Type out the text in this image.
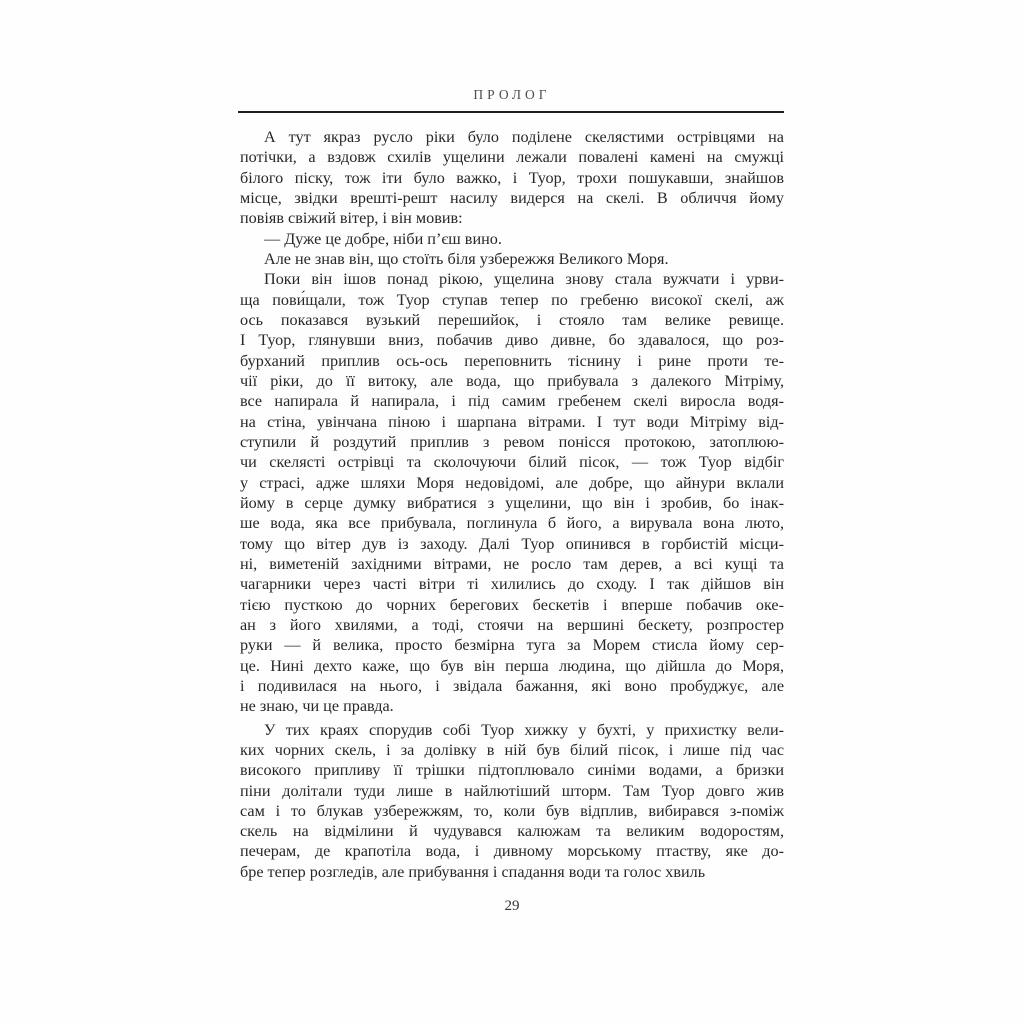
ПРОЛОГ
А тут якраз русло ріки було поділене скелястими острівцями на
потічки, а вздовж схилів ущелини лежали повалені камені на смужці
білого піску, тож іти було важко, і Туор, трохи пошукавши, знайшов
місце, звідки врешті-решт насилу видерся на скелі. В обличчя йому
повіяв свіжий вітер, і він мовив:
— Дуже це добре, ніби п’єш вино.
Але не знав він, що стоїть біля узбережжя Великого Моря.
Поки він ішов понад рікою, ущелина знову стала вужчати і урви-
ща пови́щали, тож Туор ступав тепер по гребеню високої скелі, аж
ось показався вузький перешийок, і стояло там велике ревище.
І Туор, глянувши вниз, побачив диво дивне, бо здавалося, що роз-
бурханий приплив ось-ось переповнить тіснину і рине проти те-
чії ріки, до її витоку, але вода, що прибувала з далекого Мітріму,
все напирала й напирала, і під самим гребенем скелі виросла водя-
на стіна, увінчана піною і шарпана вітрами. І тут води Мітріму від-
ступили й роздутий приплив з ревом понісся протокою, затоплюю-
чи скелясті острівці та сколочуючи білий пісок, — тож Туор відбіг
у страсі, адже шляхи Моря недовідомі, але добре, що айнури вклали
йому в серце думку вибратися з ущелини, що він і зробив, бо інак-
ше вода, яка все прибувала, поглинула б його, а вирувала вона люто,
тому що вітер дув із заходу. Далі Туор опинився в горбистій місци-
ні, виметеній західними вітрами, не росло там дерев, а всі кущі та
чагарники через часті вітри ті хилились до сходу. І так дійшов він
тією пусткою до чорних берегових бескетів і вперше побачив оке-
ан з його хвилями, а тоді, стоячи на вершині бескету, розпростер
руки — й велика, просто безмірна туга за Морем стисла йому сер-
це. Нині дехто каже, що був він перша людина, що дійшла до Моря,
і подивилася на нього, і звідала бажання, які воно пробуджує, але
не знаю, чи це правда.
У тих краях спорудив собі Туор хижку у бухті, у прихистку вели-
ких чорних скель, і за долівку в ній був білий пісок, і лише під час
високого припливу її трішки підтоплювало синіми водами, а бризки
піни долітали туди лише в найлютіший шторм. Там Туор довго жив
сам і то блукав узбережжям, то, коли був відплив, вибирався з-поміж
скель на відмілини й чудувався калюжам та великим водоростям,
печерам, де крапотіла вода, і дивному морському птаству, яке до-
бре тепер розгледів, але прибування і спадання води та голос хвиль
29
